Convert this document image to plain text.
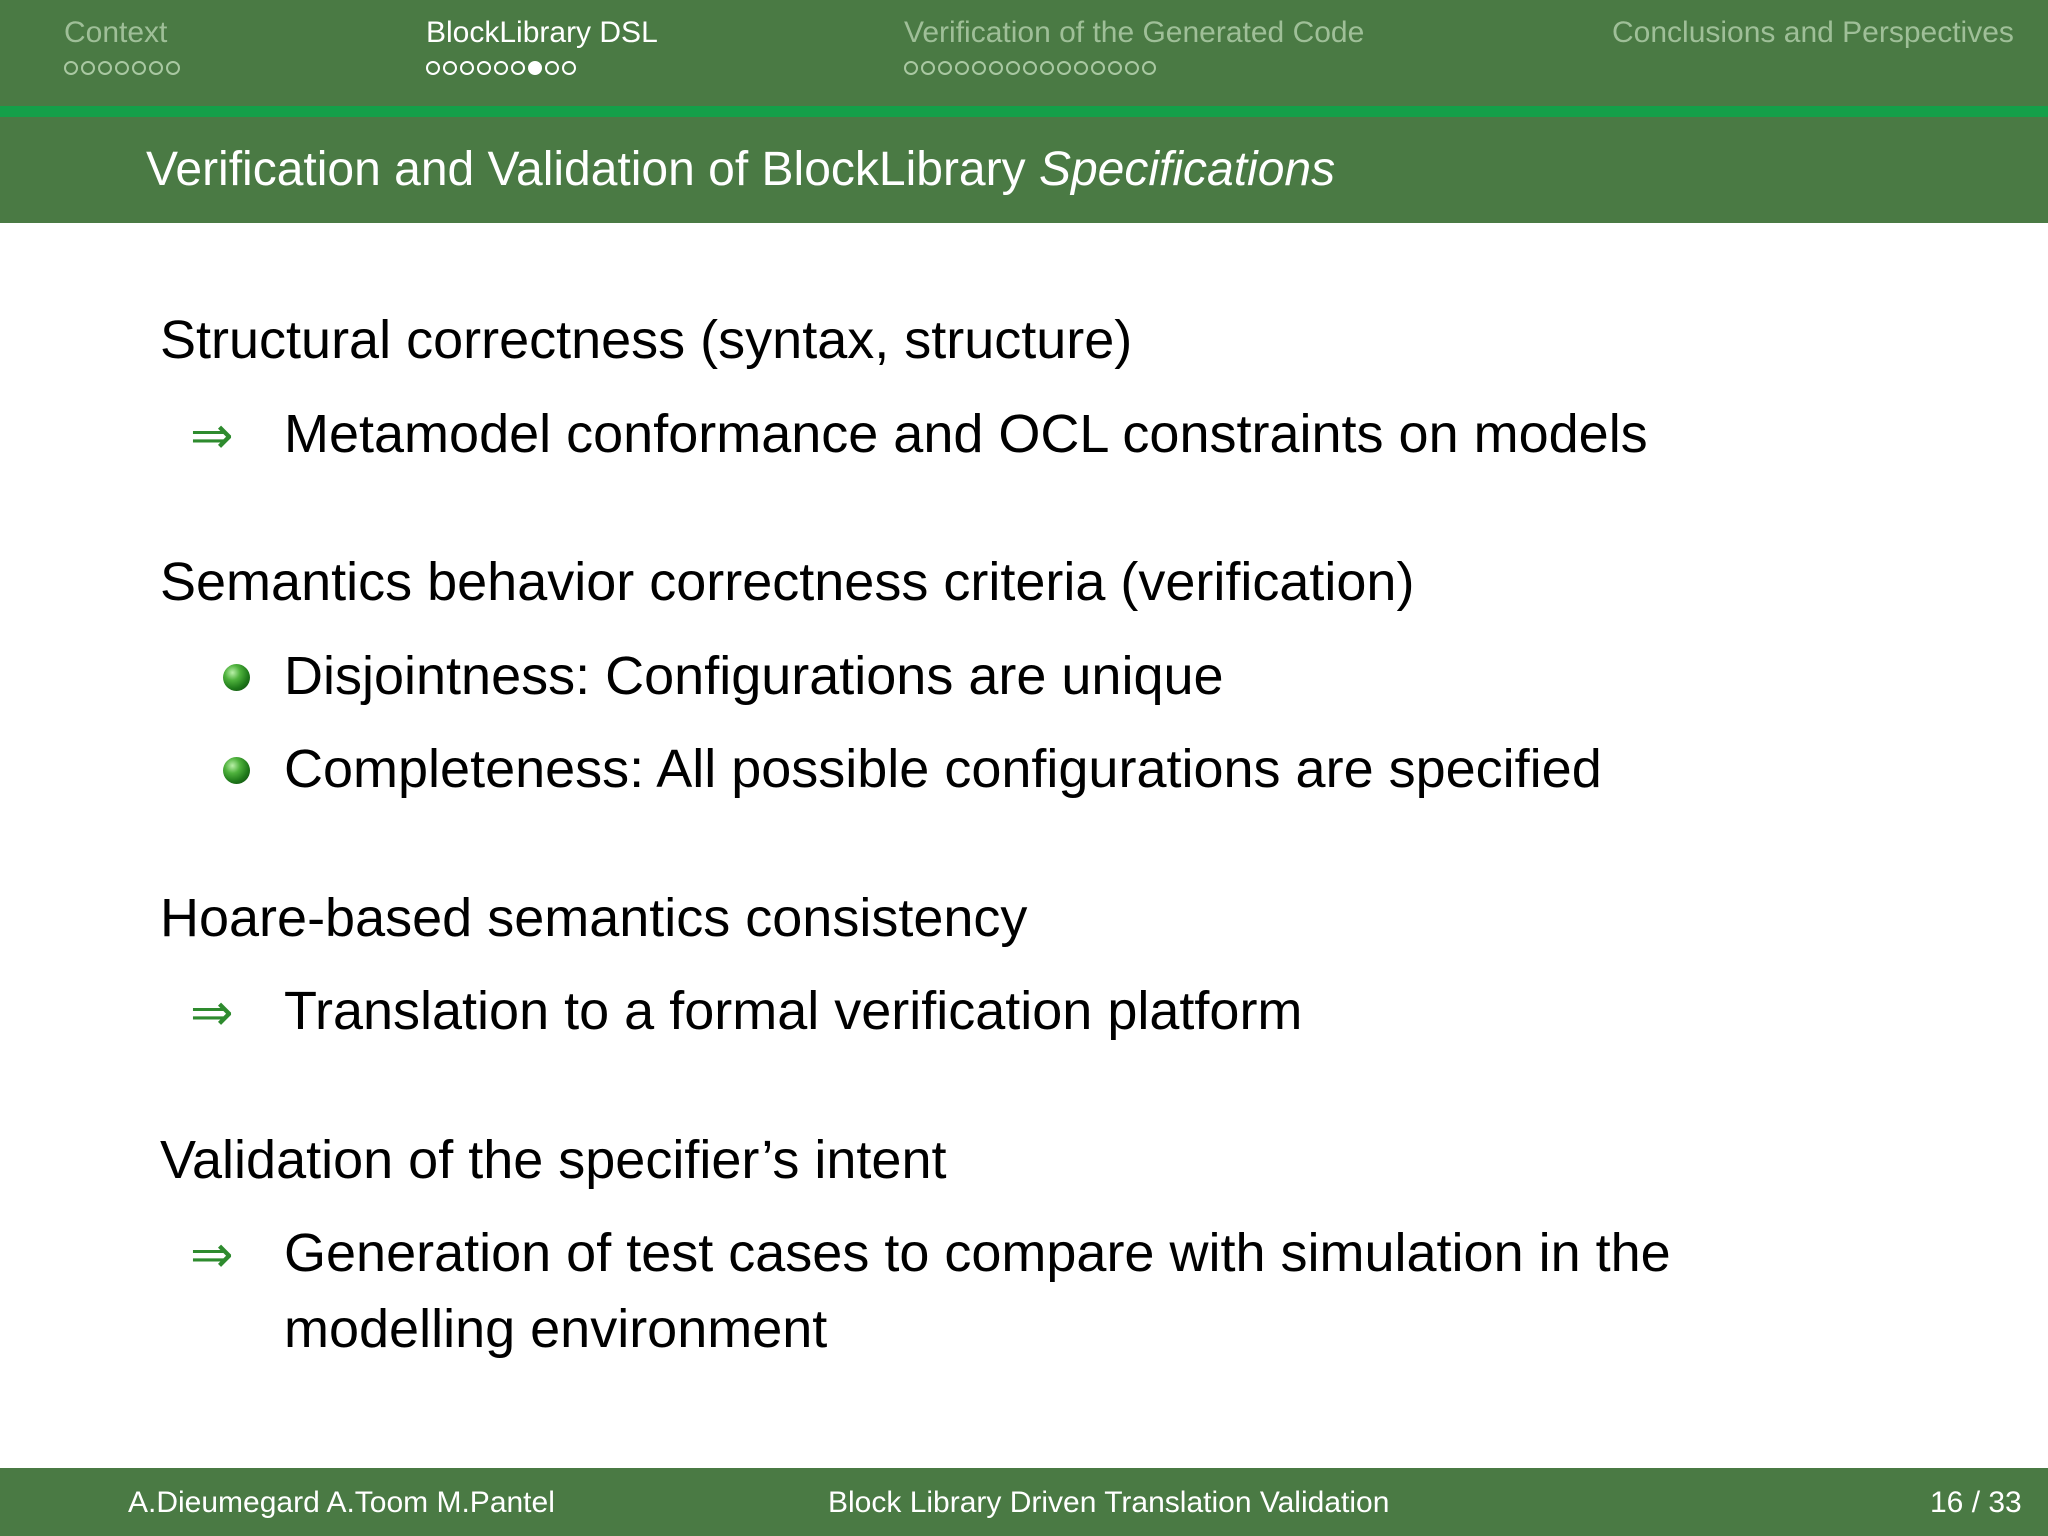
Context	BlockLibrary DSL	Verification of the Generated Code	Conclusions and Perspectives
Verification and Validation of BlockLibrary Specifications
Structural correctness (syntax, structure)
⇒ Metamodel conformance and OCL constraints on models
Semantics behavior correctness criteria (verification)
Disjointness: Configurations are unique
Completeness: All possible configurations are specified
Hoare-based semantics consistency
⇒ Translation to a formal verification platform
Validation of the specifier’s intent
⇒ Generation of test cases to compare with simulation in the
modelling environment
A.Dieumegard A.Toom M.Pantel	Block Library Driven Translation Validation	16 / 33
